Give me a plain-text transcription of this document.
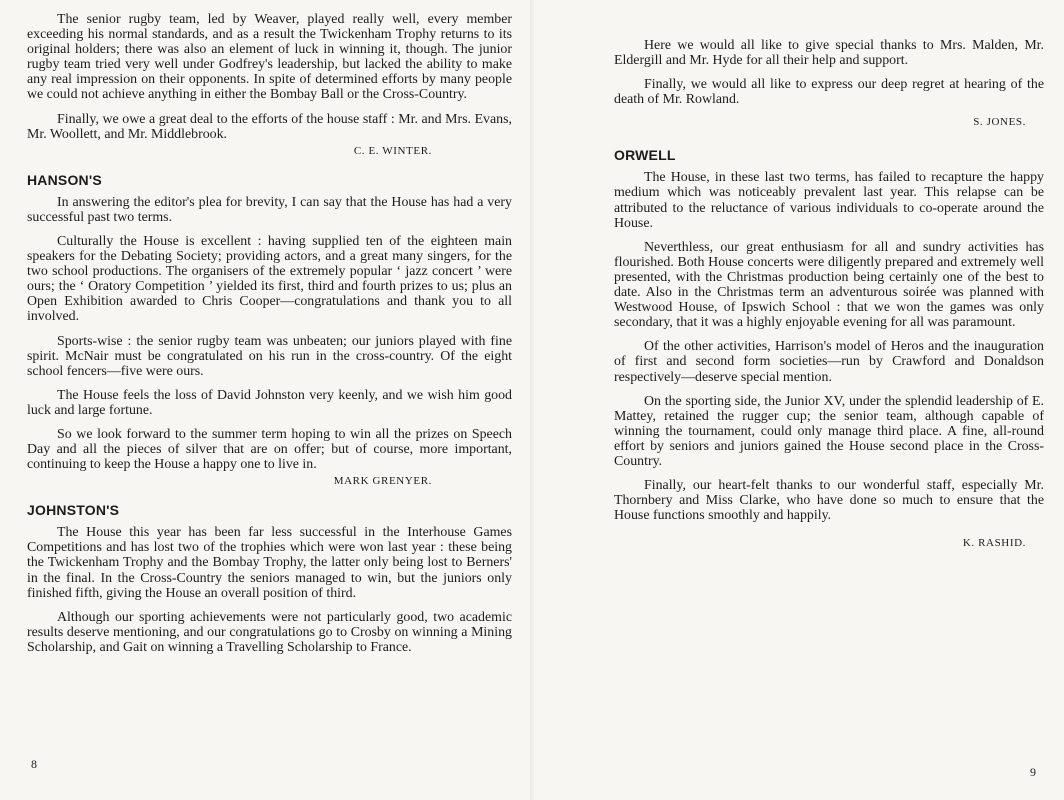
The senior rugby team, led by Weaver, played really well, every member exceeding his normal standards, and as a result the Twickenham Trophy returns to its original holders; there was also an element of luck in winning it, though. The junior rugby team tried very well under Godfrey's leadership, but lacked the ability to make any real impression on their opponents. In spite of determined efforts by many people we could not achieve anything in either the Bombay Ball or the Cross-Country.

Finally, we owe a great deal to the efforts of the house staff : Mr. and Mrs. Evans, Mr. Woollett, and Mr. Middlebrook.

C. E. WINTER.
HANSON'S

In answering the editor's plea for brevity, I can say that the House has had a very successful past two terms.

Culturally the House is excellent : having supplied ten of the eighteen main speakers for the Debating Society; providing actors, and a great many singers, for the two school productions. The organisers of the extremely popular ‘ jazz concert ’ were ours; the ‘ Oratory Competition ’ yielded its first, third and fourth prizes to us; plus an Open Exhibition awarded to Chris Cooper—congratulations and thank you to all involved.

Sports-wise : the senior rugby team was unbeaten; our juniors played with fine spirit. McNair must be congratulated on his run in the cross-country. Of the eight school fencers—five were ours.

The House feels the loss of David Johnston very keenly, and we wish him good luck and large fortune.

So we look forward to the summer term hoping to win all the prizes on Speech Day and all the pieces of silver that are on offer; but of course, more important, continuing to keep the House a happy one to live in.

MARK GRENYER.
JOHNSTON'S

The House this year has been far less successful in the Interhouse Games Competitions and has lost two of the trophies which were won last year : these being the Twickenham Trophy and the Bombay Trophy, the latter only being lost to Berners' in the final. In the Cross-Country the seniors managed to win, but the juniors only finished fifth, giving the House an overall position of third.

Although our sporting achievements were not particularly good, two academic results deserve mentioning, and our congratulations go to Crosby on winning a Mining Scholarship, and Gait on winning a Travelling Scholarship to France.

8

Here we would all like to give special thanks to Mrs. Malden, Mr. Eldergill and Mr. Hyde for all their help and support.

Finally, we would all like to express our deep regret at hearing of the death of Mr. Rowland.

S. JONES.
ORWELL

The House, in these last two terms, has failed to recapture the happy medium which was noticeably prevalent last year. This relapse can be attributed to the reluctance of various individuals to co-operate around the House.

Neverthless, our great enthusiasm for all and sundry activities has flourished. Both House concerts were diligently prepared and extremely well presented, with the Christmas production being certainly one of the best to date. Also in the Christmas term an adventurous soirée was planned with Westwood House, of Ipswich School : that we won the games was only secondary, that it was a highly enjoyable evening for all was paramount.

Of the other activities, Harrison's model of Heros and the inauguration of first and second form societies—run by Crawford and Donaldson respectively—deserve special mention.

On the sporting side, the Junior XV, under the splendid leadership of E. Mattey, retained the rugger cup; the senior team, although capable of winning the tournament, could only manage third place. A fine, all-round effort by seniors and juniors gained the House second place in the Cross-Country.

Finally, our heart-felt thanks to our wonderful staff, especially Mr. Thornbery and Miss Clarke, who have done so much to ensure that the House functions smoothly and happily.

K. RASHID.
9
